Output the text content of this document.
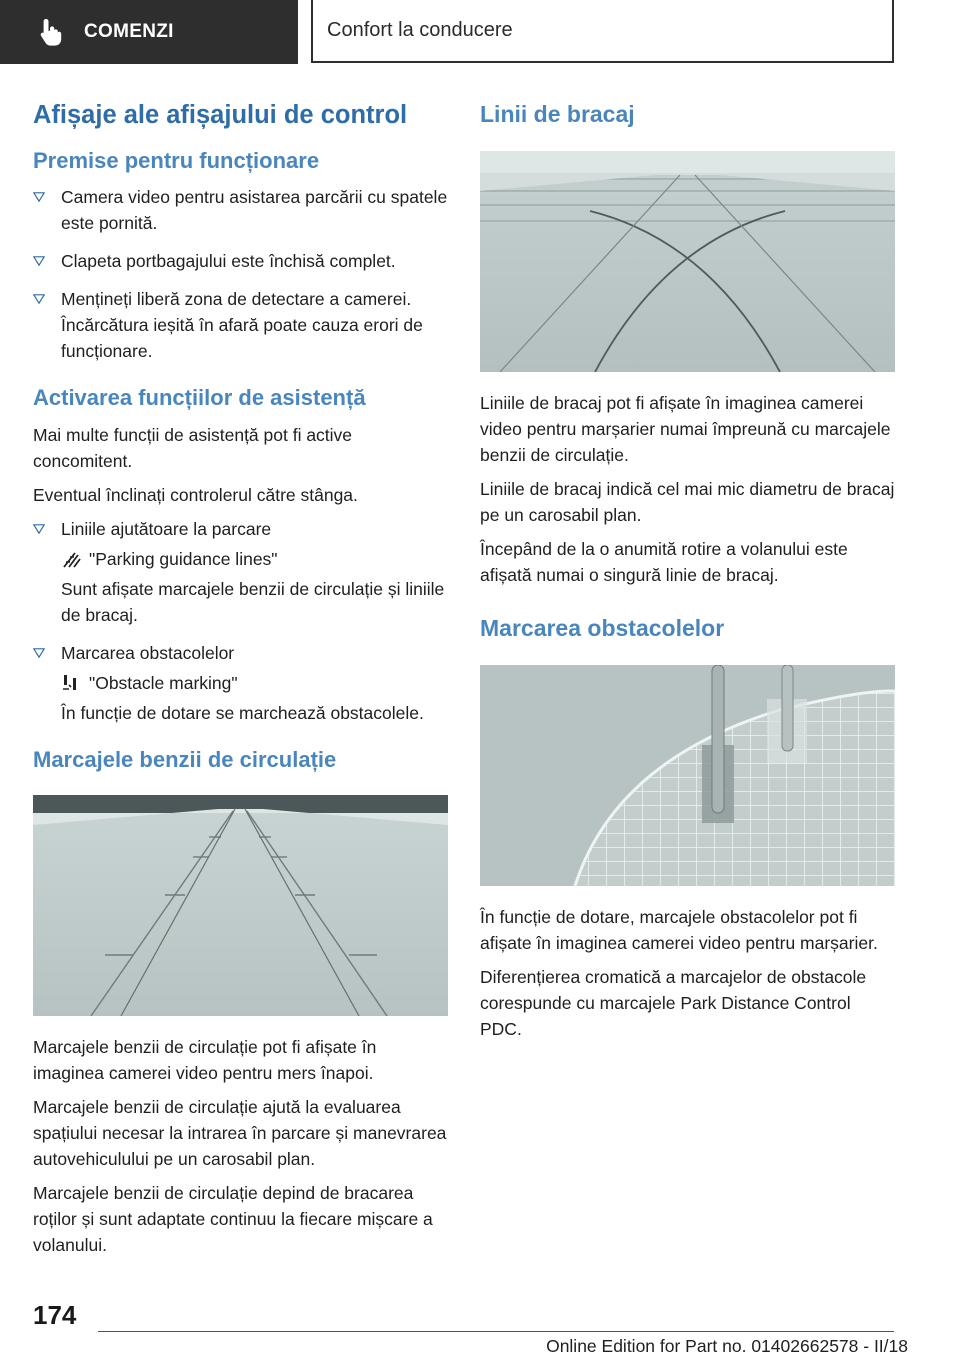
COMENZI	Confort la conducere
Afișaje ale afișajului de control
Premise pentru funcționare
Camera video pentru asistarea parcării cu spatele este pornită.
Clapeta portbagajului este închisă complet.
Mențineți liberă zona de detectare a camerei. Încărcătura ieșită în afară poate cauza erori de funcționare.
Activarea funcțiilor de asistență

Mai multe funcții de asistență pot fi active concomitent.

Eventual înclinați controlerul către stânga.

Liniile ajutătoare la parcare
"Parking guidance lines"
Sunt afișate marcajele benzii de circulație și liniile de bracaj.
Marcarea obstacolelor
"Obstacle marking"
În funcție de dotare se marchează obstacolele.
Marcajele benzii de circulație

Marcajele benzii de circulație pot fi afișate în imaginea camerei video pentru mers înapoi.

Marcajele benzii de circulație ajută la evaluarea spațiului necesar la intrarea în parcare și manevrarea autovehiculului pe un carosabil plan.

Marcajele benzii de circulație depind de bracarea roților și sunt adaptate continuu la fiecare mișcare a volanului.

Linii de bracaj

Liniile de bracaj pot fi afișate în imaginea camerei video pentru marșarier numai împreună cu marcajele benzii de circulație.

Liniile de bracaj indică cel mai mic diametru de bracaj pe un carosabil plan.

Începând de la o anumită rotire a volanului este afișată numai o singură linie de bracaj.

Marcarea obstacolelor

În funcție de dotare, marcajele obstacolelor pot fi afișate în imaginea camerei video pentru marșarier.

Diferențierea cromatică a marcajelor de obstacole corespunde cu marcajele Park Distance Control PDC.

174
Online Edition for Part no. 01402662578 - II/18
